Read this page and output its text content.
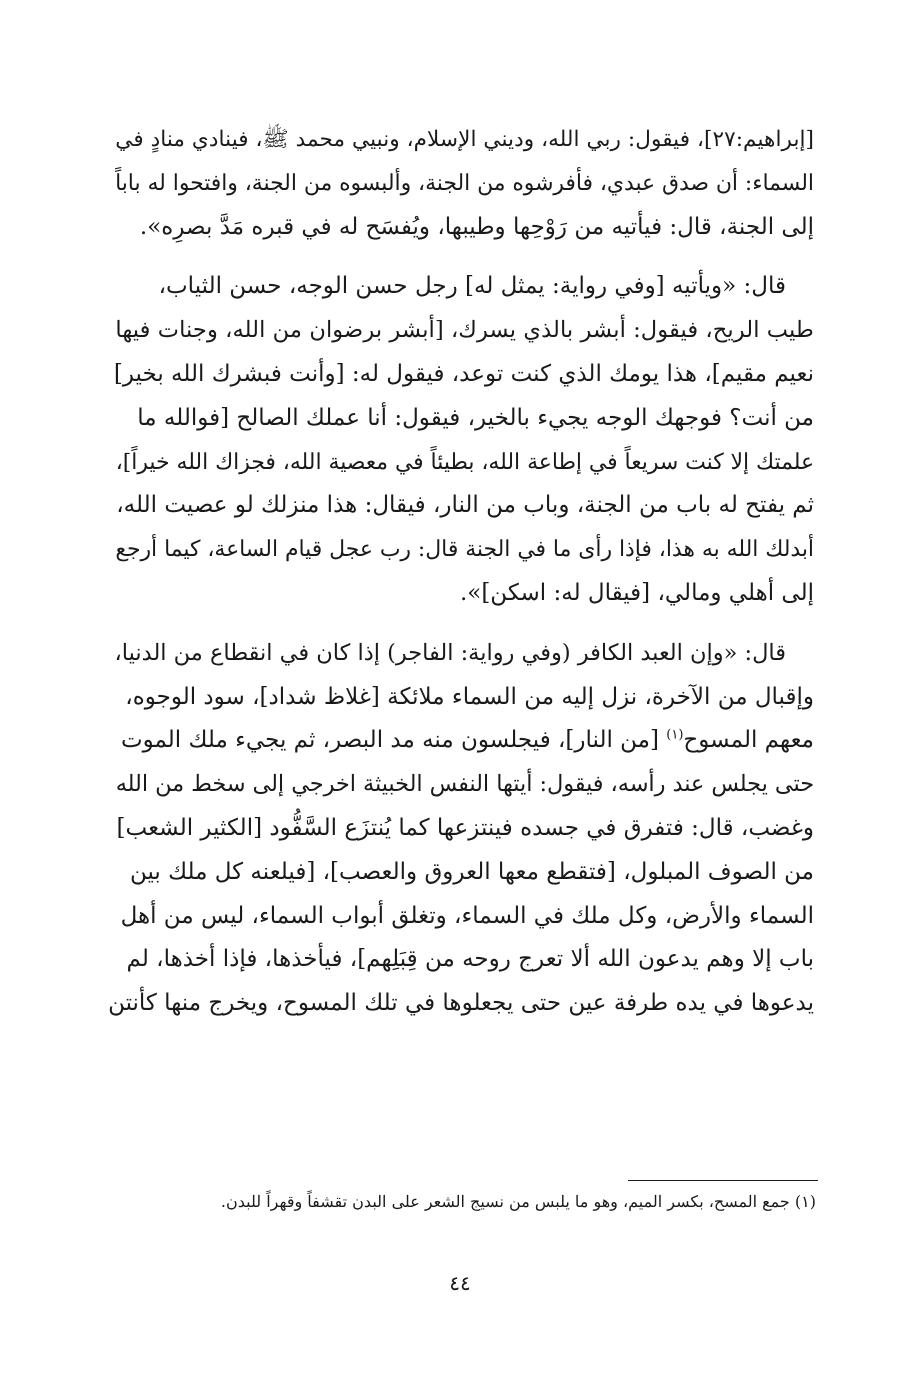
[إبراهيم:٢٧]، فيقول: ربي الله، وديني الإسلام، ونبيي محمد ﷺ، فينادي منادٍ في
السماء: أن صدق عبدي، فأفرشوه من الجنة، وألبسوه من الجنة، وافتحوا له باباً
إلى الجنة، قال: فيأتيه من رَوْحِها وطيبها، ويُفسَح له في قبره مَدَّ بصرِه».

قال: «ويأتيه [وفي رواية: يمثل له] رجل حسن الوجه، حسن الثياب،
طيب الريح، فيقول: أبشر بالذي يسرك، [أبشر برضوان من الله، وجنات فيها
نعيم مقيم]، هذا يومك الذي كنت توعد، فيقول له: [وأنت فبشرك الله بخير]
من أنت؟ فوجهك الوجه يجيء بالخير، فيقول: أنا عملك الصالح [فوالله ما
علمتك إلا كنت سريعاً في إطاعة الله، بطيئاً في معصية الله، فجزاك الله خيراً]،
ثم يفتح له باب من الجنة، وباب من النار، فيقال: هذا منزلك لو عصيت الله،
أبدلك الله به هذا، فإذا رأى ما في الجنة قال: رب عجل قيام الساعة، كيما أرجع
إلى أهلي ومالي، [فيقال له: اسكن]».

قال: «وإن العبد الكافر (وفي رواية: الفاجر) إذا كان في انقطاع من الدنيا،
وإقبال من الآخرة، نزل إليه من السماء ملائكة [غلاظ شداد]، سود الوجوه،
معهم المسوح$^{(١)}$ [من النار]، فيجلسون منه مد البصر، ثم يجيء ملك الموت
حتى يجلس عند رأسه، فيقول: أيتها النفس الخبيثة اخرجي إلى سخط من الله
وغضب، قال: فتفرق في جسده فينتزعها كما يُنتزَع السَّفُّود [الكثير الشعب]
من الصوف المبلول، [فتقطع معها العروق والعصب]، [فيلعنه كل ملك بين
السماء والأرض، وكل ملك في السماء، وتغلق أبواب السماء، ليس من أهل
باب إلا وهم يدعون الله ألا تعرج روحه من قِبَلِهم]، فيأخذها، فإذا أخذها، لم
يدعوها في يده طرفة عين حتى يجعلوها في تلك المسوح، ويخرج منها كأنتن

(١) جمع المسح، بكسر الميم، وهو ما يلبس من نسيج الشعر على البدن تقشفاً وقهراً للبدن.
٤٤
